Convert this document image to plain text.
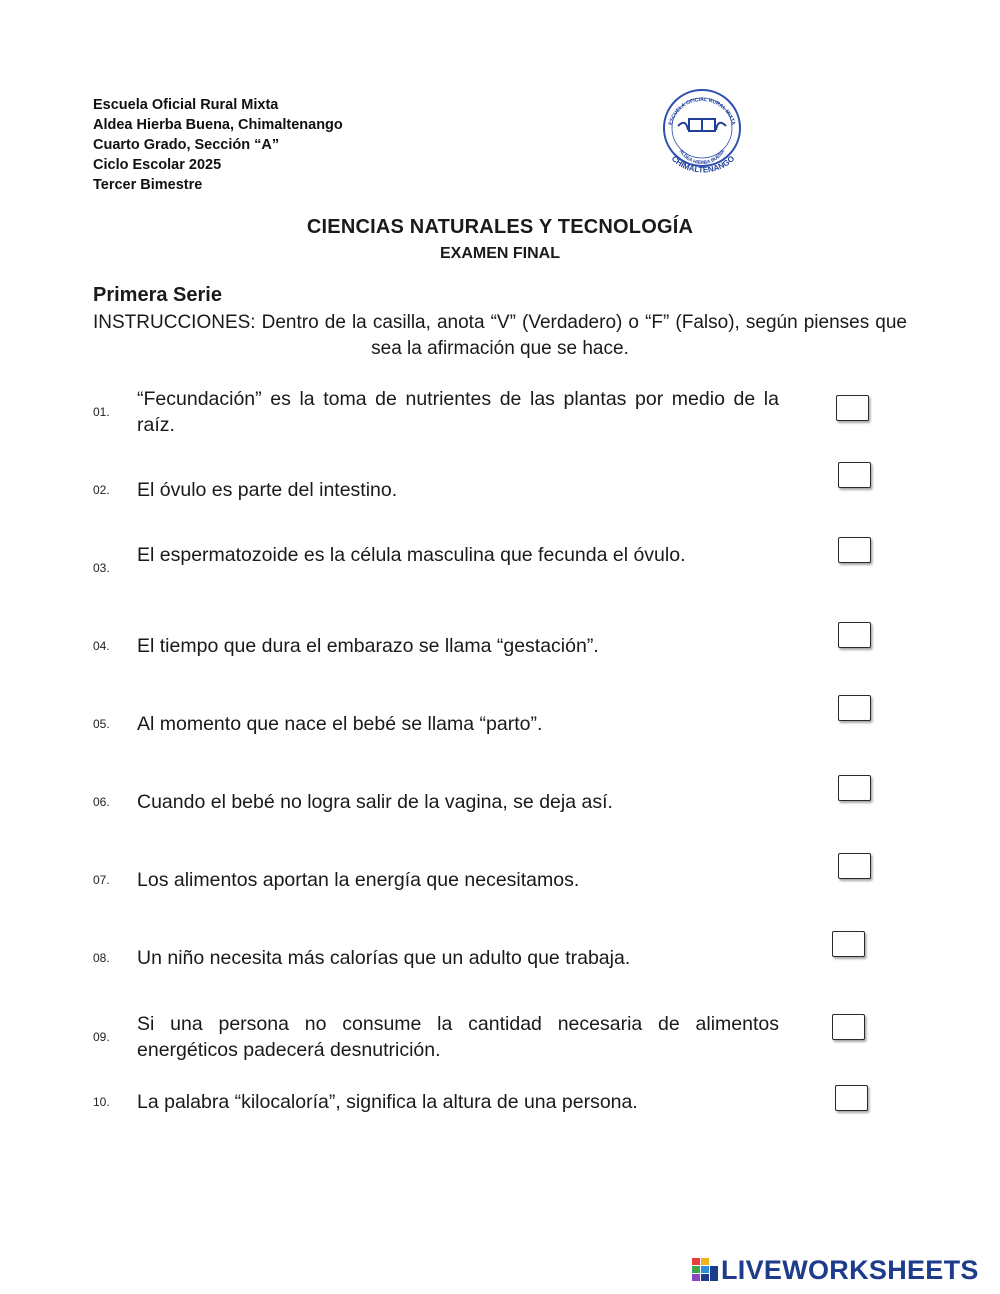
Escuela Oficial Rural Mixta
Aldea Hierba Buena, Chimaltenango
Cuarto Grado, Sección “A”
Ciclo Escolar 2025
Tercer Bimestre
ESCUELA OFICIAL RURAL MIXTA
ALDEA HIERBA BUENA
CHIMALTENANGO
CIENCIAS NATURALES Y TECNOLOGÍA
EXAMEN FINAL
Primera Serie
INSTRUCCIONES: Dentro de la casilla, anota “V” (Verdadero) o “F” (Falso), según pienses que sea la afirmación que se hace.
01.
“Fecundación” es la toma de nutrientes de las plantas por medio de la raíz.
02. El óvulo es parte del intestino.
03.
El espermatozoide es la célula masculina que fecunda el óvulo.
04. El tiempo que dura el embarazo se llama “gestación”.
05. Al momento que nace el bebé se llama “parto”.
06. Cuando el bebé no logra salir de la vagina, se deja así.
07. Los alimentos aportan la energía que necesitamos.
08. Un niño necesita más calorías que un adulto que trabaja.
09.
Si una persona no consume la cantidad necesaria de alimentos energéticos padecerá desnutrición.
10. La palabra “kilocaloría”, significa la altura de una persona.
LIVEWORKSHEETS
